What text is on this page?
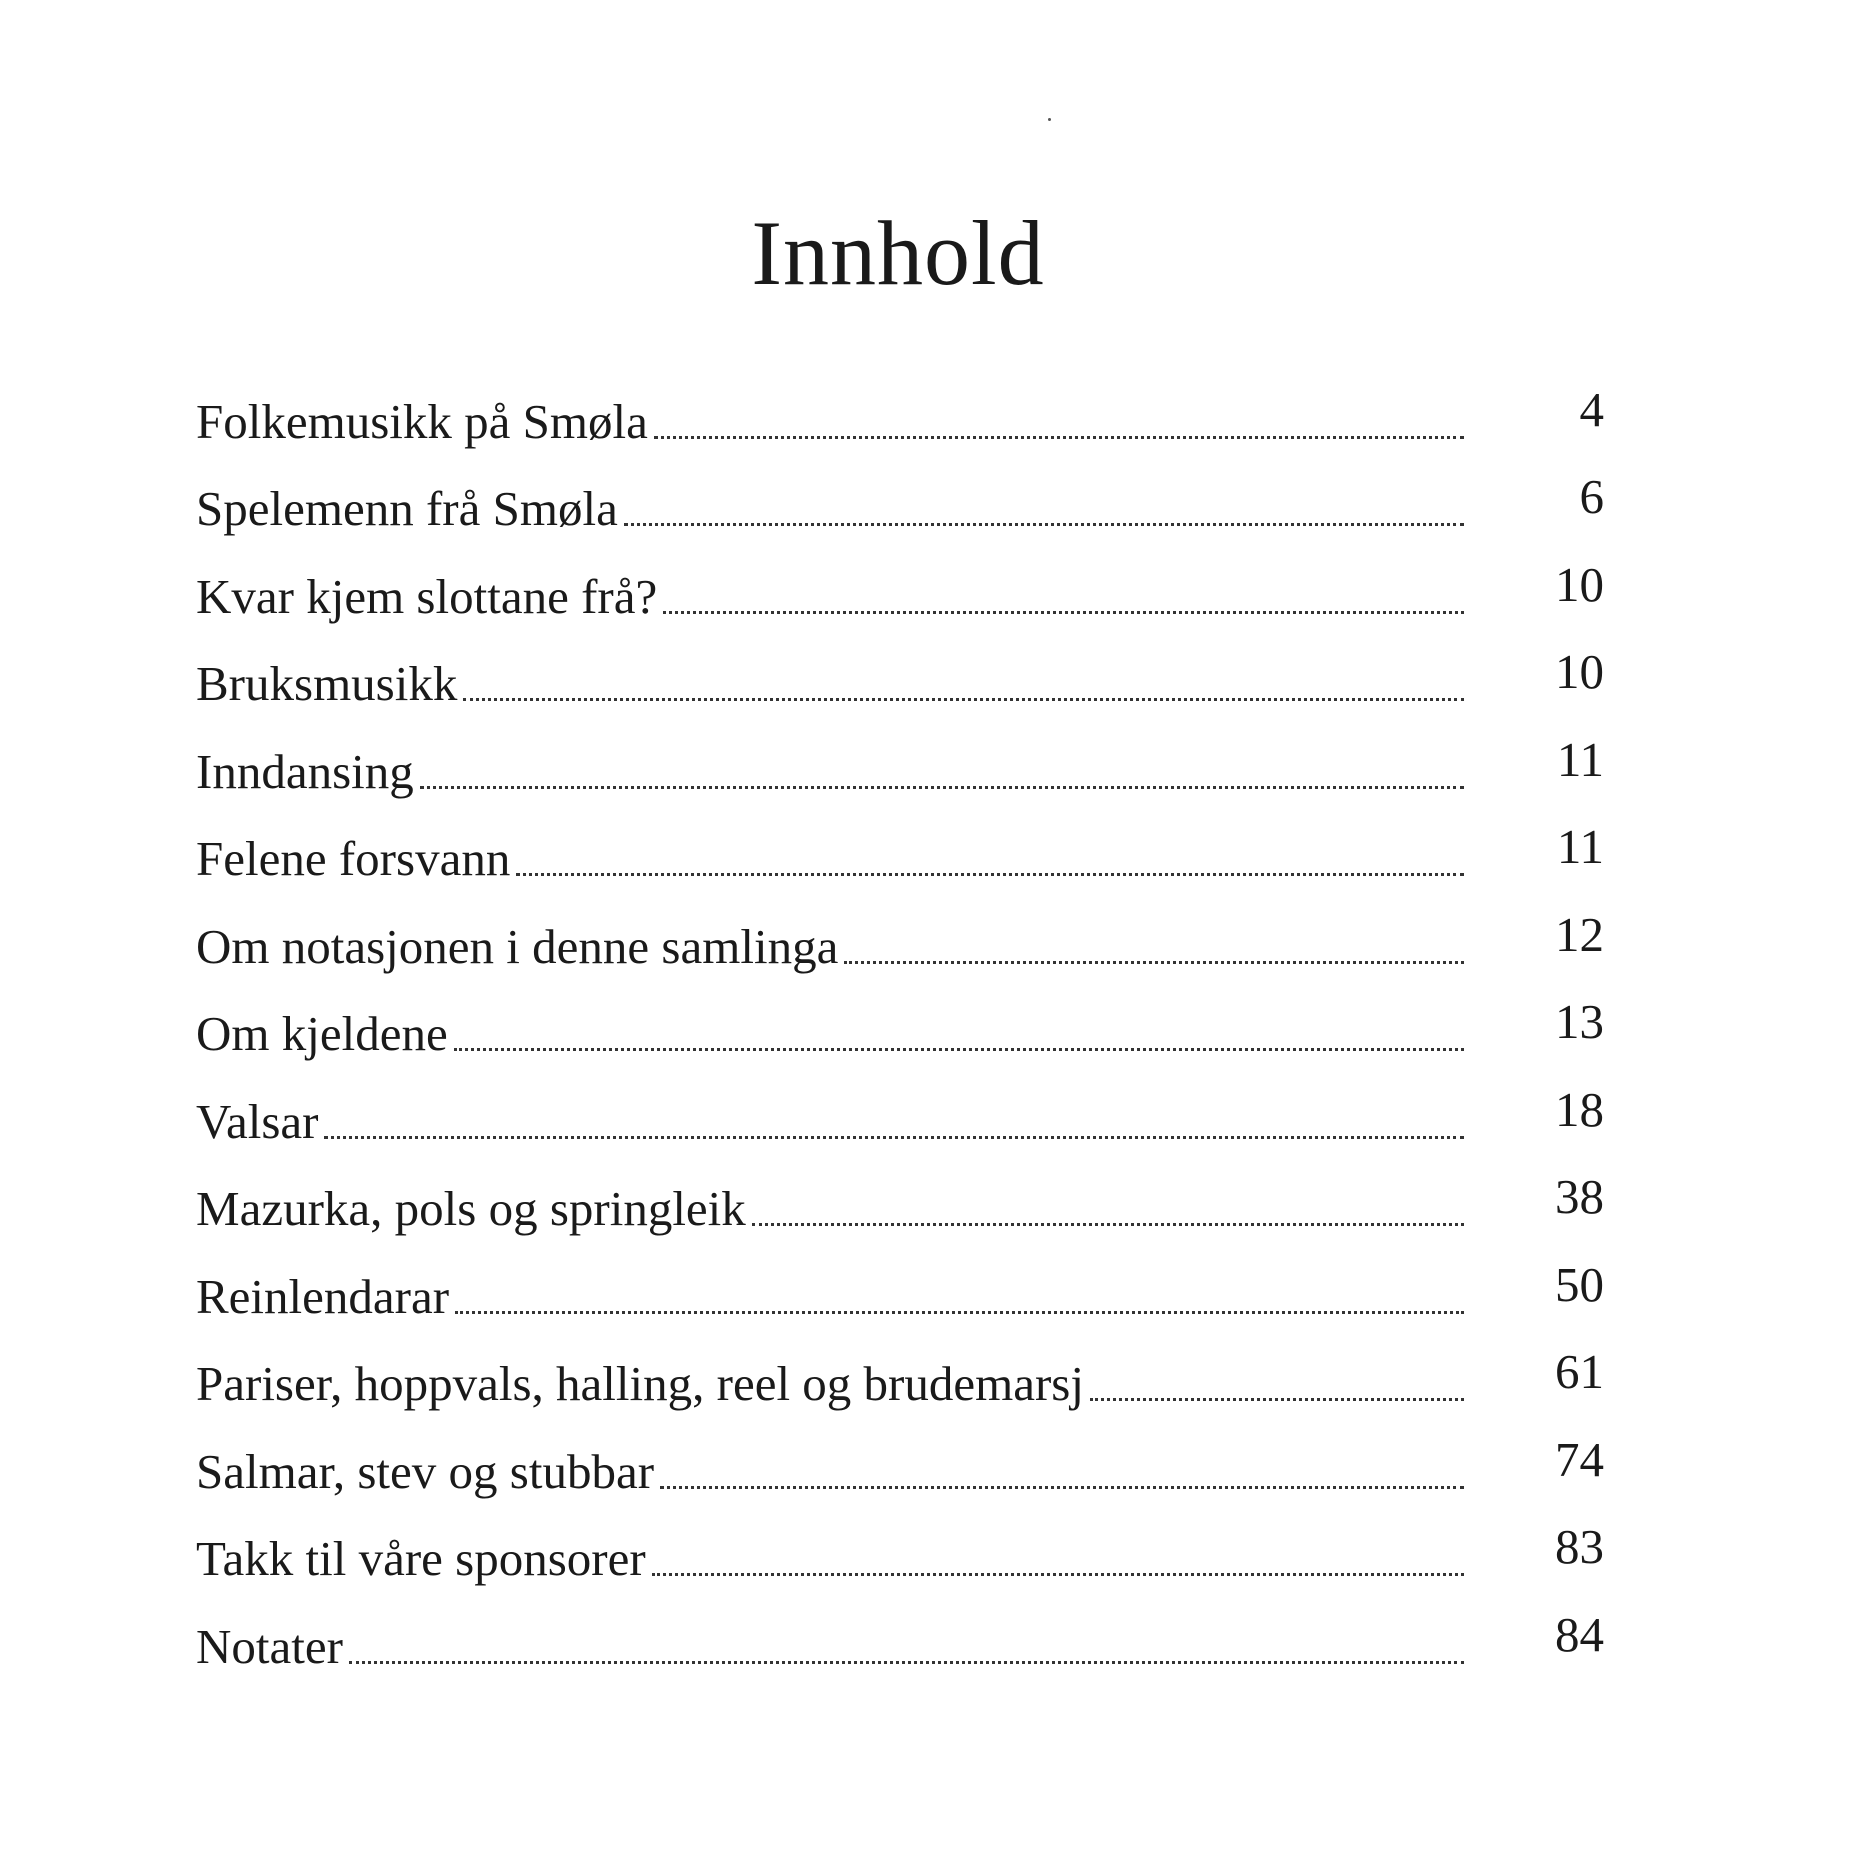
Innhold
Folkemusikk på Smøla	4
Spelemenn frå Smøla	6
Kvar kjem slottane frå?	10
Bruksmusikk	10
Inndansing	11
Felene forsvann	11
Om notasjonen i denne samlinga	12
Om kjeldene	13
Valsar	18
Mazurka, pols og springleik	38
Reinlendarar	50
Pariser, hoppvals, halling, reel og brudemarsj	61
Salmar, stev og stubbar	74
Takk til våre sponsorer	83
Notater	84
